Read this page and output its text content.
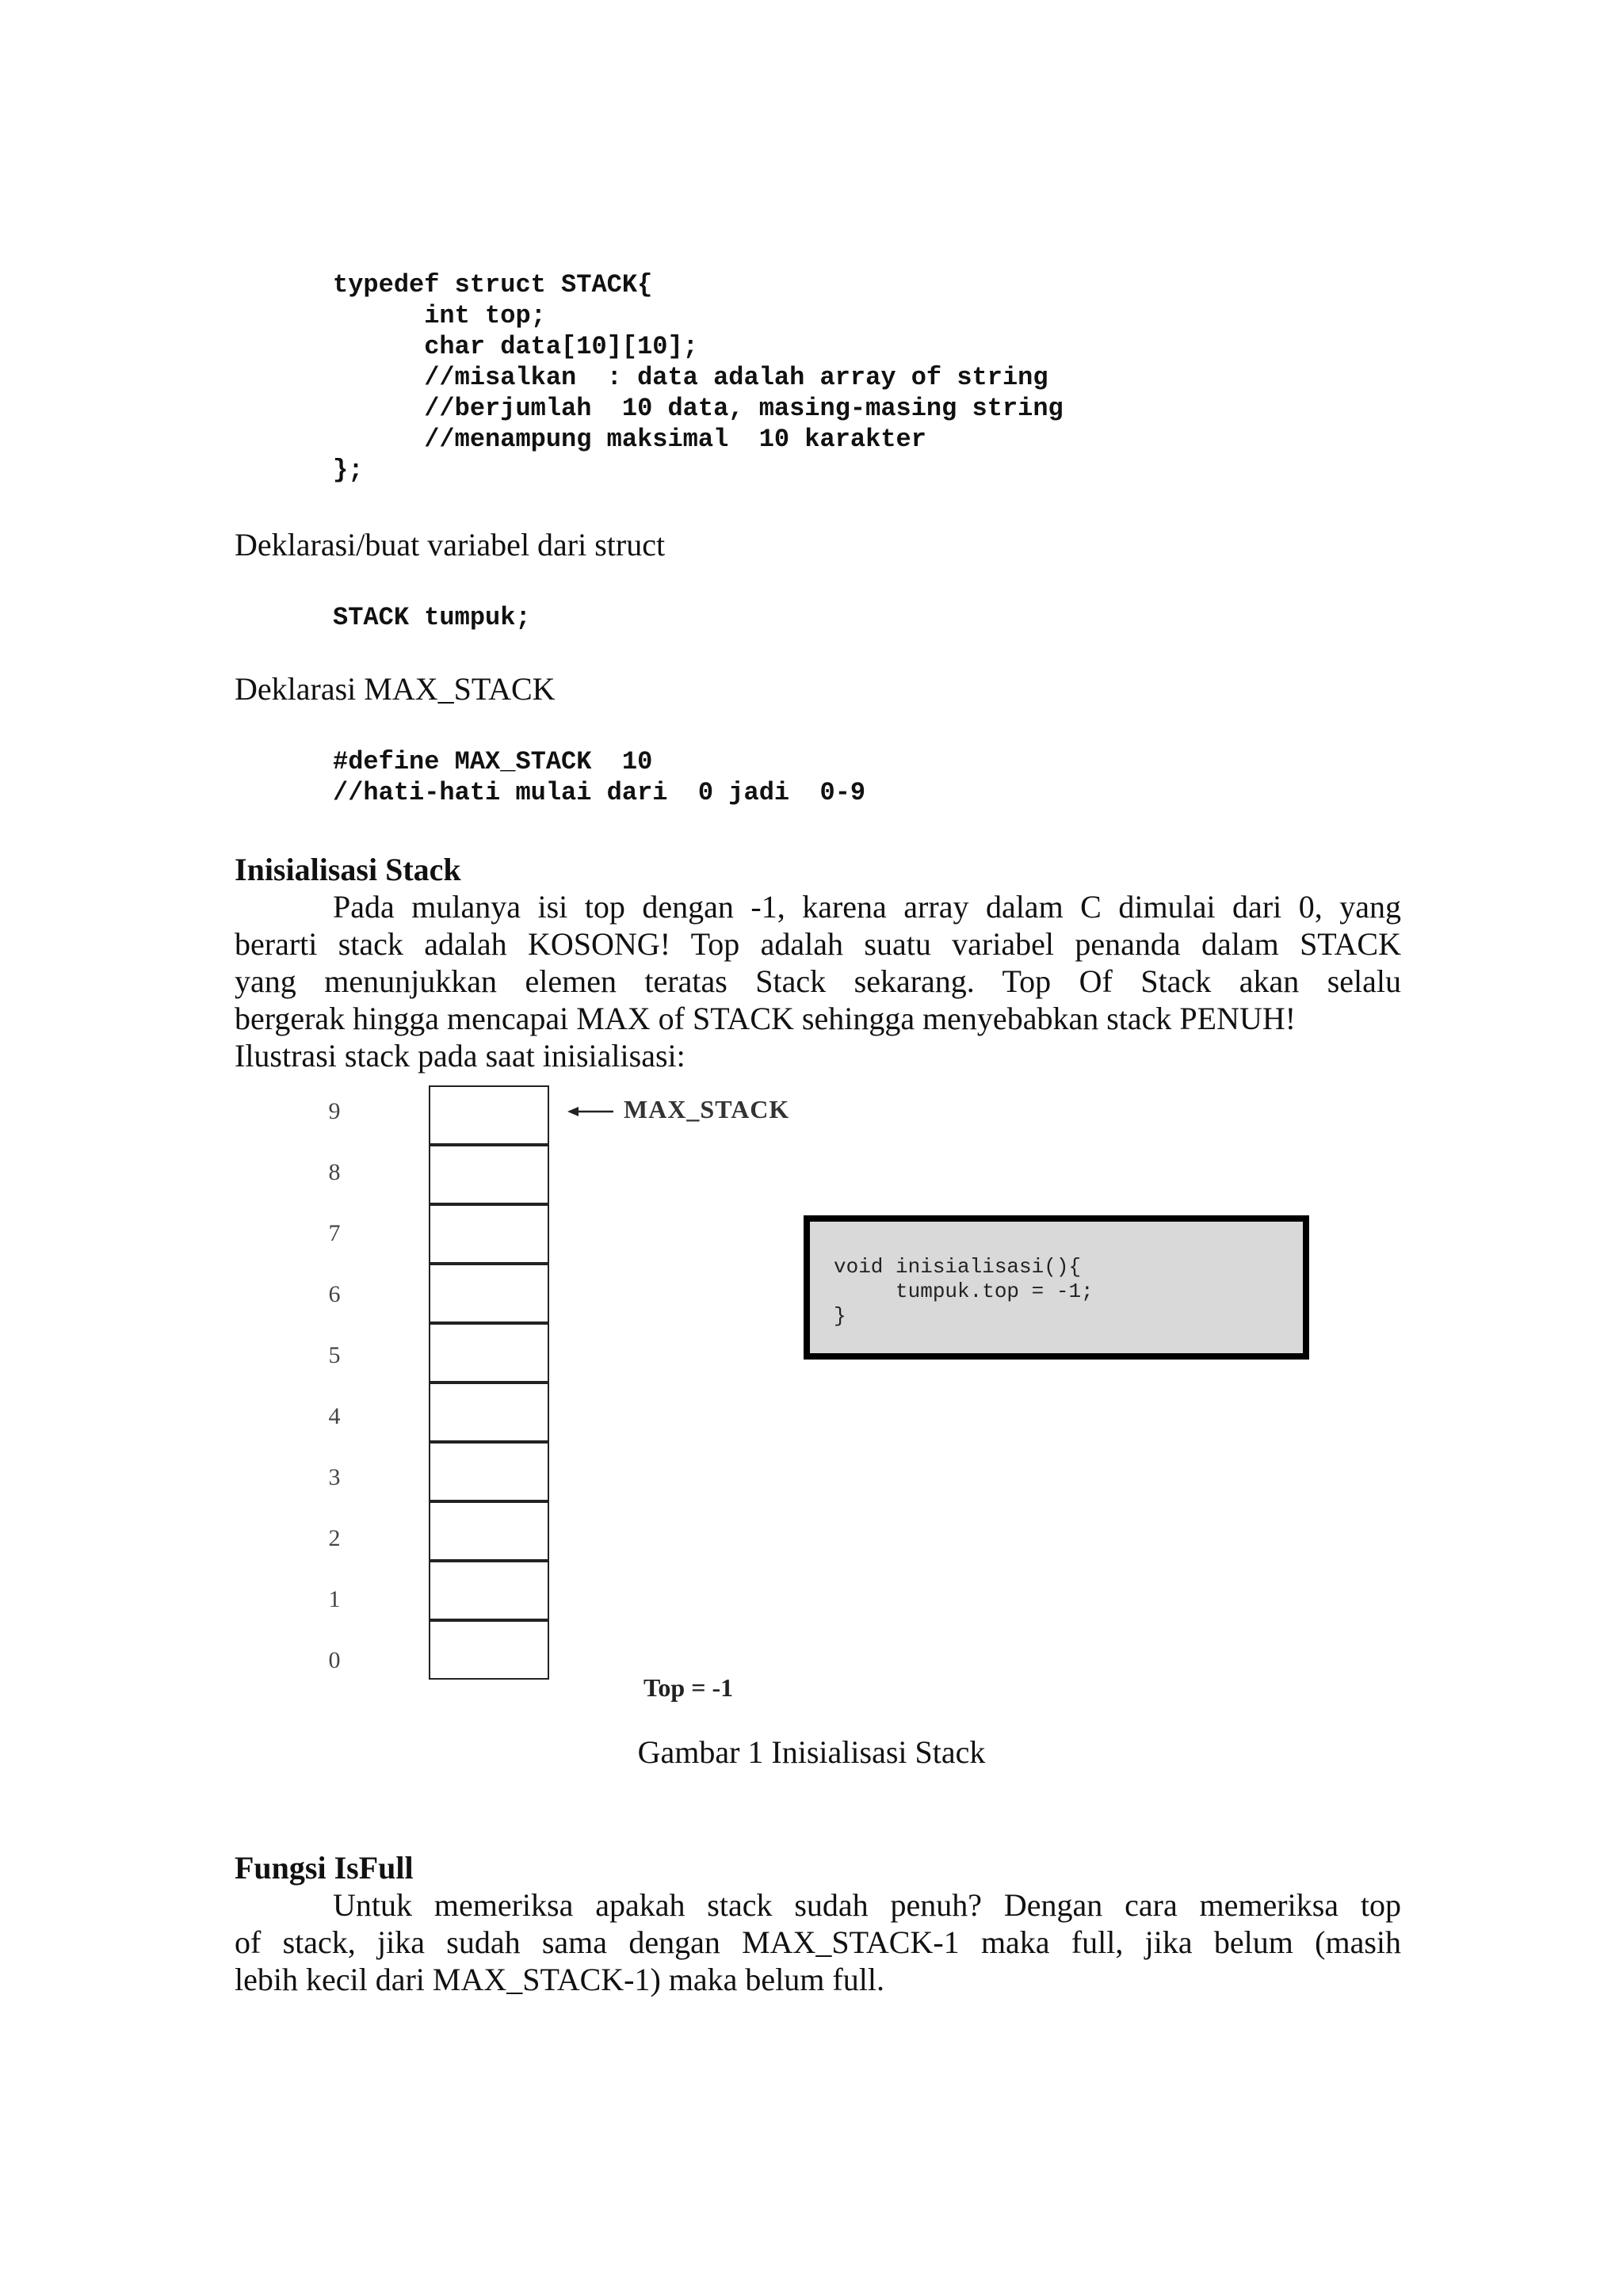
typedef struct STACK{
int top;
char data[10][10];
//misalkan  : data adalah array of string
//berjumlah  10 data, masing-masing string
//menampung maksimal  10 karakter
};
Deklarasi/buat variabel dari struct
STACK tumpuk;
Deklarasi MAX_STACK
#define MAX_STACK  10
//hati-hati mulai dari  0 jadi  0-9
Inisialisasi Stack
Pada mulanya isi top dengan -1, karena array dalam C dimulai dari 0, yang
berarti stack adalah KOSONG! Top adalah suatu variabel penanda dalam STACK
yang menunjukkan elemen teratas Stack sekarang. Top Of Stack akan selalu
bergerak hingga mencapai MAX of STACK sehingga menyebabkan stack PENUH!
Ilustrasi stack pada saat inisialisasi:
9
8
7
6
5
4
3
2
1
0
MAX_STACK
void inisialisasi(){
tumpuk.top = -1;
}
Top = -1
Gambar 1 Inisialisasi Stack
Fungsi IsFull
Untuk memeriksa apakah stack sudah penuh? Dengan cara memeriksa top
of stack, jika sudah sama dengan MAX_STACK-1 maka full, jika belum (masih
lebih kecil dari MAX_STACK-1) maka belum full.
